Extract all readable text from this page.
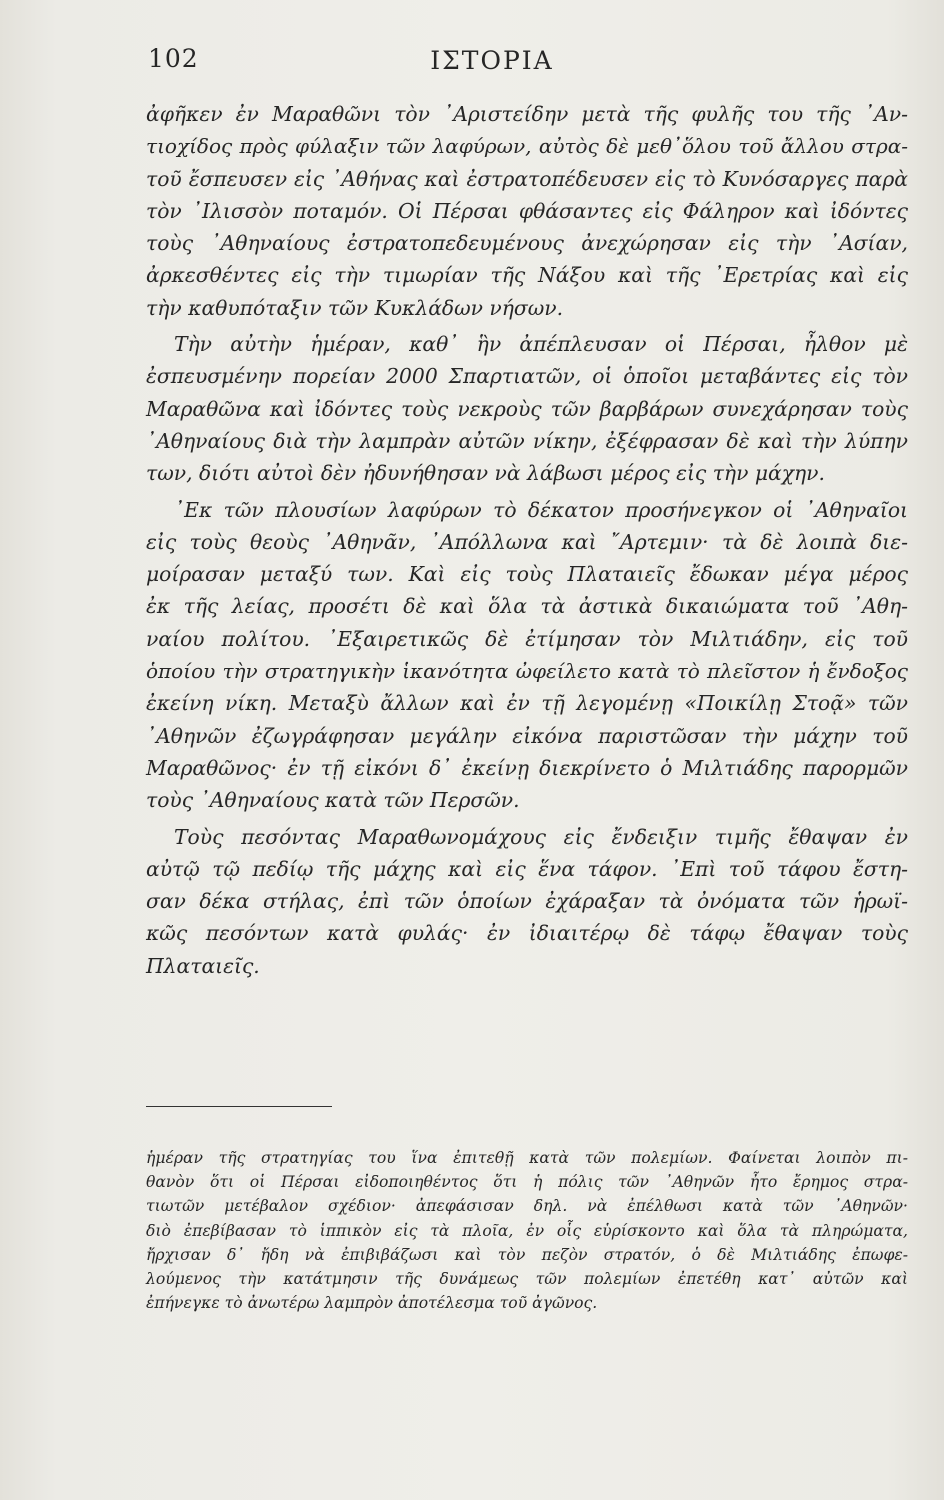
102	ΙΣΤΟΡΙΑ
ἀφῆκεν ἐν Μαραθῶνι τὸν ᾿Αριστείδην μετὰ τῆς φυλῆς του τῆς ᾿Αν-
τιοχίδος πρὸς φύλαξιν τῶν λαφύρων, αὐτὸς δὲ μεθ᾿ὅλου τοῦ ἄλλου στρα-
τοῦ ἔσπευσεν εἰς ᾿Αθήνας καὶ ἐστρατοπέδευσεν εἰς τὸ Κυνόσαργες παρὰ
τὸν ᾿Ιλισσὸν ποταμόν. Οἱ Πέρσαι φθάσαντες εἰς Φάληρον καὶ ἰδόντες
τοὺς ᾿Αθηναίους ἐστρατοπεδευμένους ἀνεχώρησαν εἰς τὴν ᾿Ασίαν,
ἀρκεσθέντες εἰς τὴν τιμωρίαν τῆς Νάξου καὶ τῆς ᾿Ερετρίας καὶ εἰς
τὴν καθυπόταξιν τῶν Κυκλάδων νήσων.
Τὴν αὐτὴν ἡμέραν, καθ᾿ ἣν ἀπέπλευσαν οἱ Πέρσαι, ἦλθον μὲ
ἐσπευσμένην πορείαν 2000 Σπαρτιατῶν, οἱ ὁποῖοι μεταβάντες εἰς τὸν
Μαραθῶνα καὶ ἰδόντες τοὺς νεκροὺς τῶν βαρβάρων συνεχάρησαν τοὺς
᾿Αθηναίους διὰ τὴν λαμπρὰν αὐτῶν νίκην, ἐξέφρασαν δὲ καὶ τὴν λύπην
των, διότι αὐτοὶ δὲν ἠδυνήθησαν νὰ λάβωσι μέρος εἰς τὴν μάχην.
᾿Εκ τῶν πλουσίων λαφύρων τὸ δέκατον προσήνεγκον οἱ ᾿Αθηναῖοι
εἰς τοὺς θεοὺς ᾿Αθηνᾶν, ᾿Απόλλωνα καὶ ῎Αρτεμιν· τὰ δὲ λοιπὰ διε-
μοίρασαν μεταξύ των. Καὶ εἰς τοὺς Πλαταιεῖς ἔδωκαν μέγα μέρος
ἐκ τῆς λείας, προσέτι δὲ καὶ ὅλα τὰ ἀστικὰ δικαιώματα τοῦ ᾿Αθη-
ναίου πολίτου. ᾿Εξαιρετικῶς δὲ ἐτίμησαν τὸν Μιλτιάδην, εἰς τοῦ
ὁποίου τὴν στρατηγικὴν ἱκανότητα ὠφείλετο κατὰ τὸ πλεῖστον ἡ ἔνδοξος
ἐκείνη νίκη. Μεταξὺ ἄλλων καὶ ἐν τῇ λεγομένῃ «Ποικίλῃ Στοᾷ» τῶν
᾿Αθηνῶν ἐζωγράφησαν μεγάλην εἰκόνα παριστῶσαν τὴν μάχην τοῦ
Μαραθῶνος· ἐν τῇ εἰκόνι δ᾿ ἐκείνῃ διεκρίνετο ὁ Μιλτιάδης παρορμῶν
τοὺς ᾿Αθηναίους κατὰ τῶν Περσῶν.
Τοὺς πεσόντας Μαραθωνομάχους εἰς ἔνδειξιν τιμῆς ἔθαψαν ἐν
αὐτῷ τῷ πεδίῳ τῆς μάχης καὶ εἰς ἕνα τάφον. ᾿Επὶ τοῦ τάφου ἔστη-
σαν δέκα στήλας, ἐπὶ τῶν ὁποίων ἐχάραξαν τὰ ὀνόματα τῶν ἡρωϊ-
κῶς πεσόντων κατὰ φυλάς· ἐν ἰδιαιτέρῳ δὲ τάφῳ ἔθαψαν τοὺς
Πλαταιεῖς.
ἡμέραν τῆς στρατηγίας του ἵνα ἐπιτεθῇ κατὰ τῶν πολεμίων. Φαίνεται λοιπὸν πι-
θανὸν ὅτι οἱ Πέρσαι εἰδοποιηθέντος ὅτι ἡ πόλις τῶν ᾿Αθηνῶν ἦτο ἔρημος στρα-
τιωτῶν μετέβαλον σχέδιον· ἀπεφάσισαν δηλ. νὰ ἐπέλθωσι κατὰ τῶν ᾿Αθηνῶν·
διὸ ἐπεβίβασαν τὸ ἱππικὸν εἰς τὰ πλοῖα, ἐν οἷς εὑρίσκοντο καὶ ὅλα τὰ πληρώματα,
ἤρχισαν δ᾿ ἤδη νὰ ἐπιβιβάζωσι καὶ τὸν πεζὸν στρατόν, ὁ δὲ Μιλτιάδης ἐπωφε-
λούμενος τὴν κατάτμησιν τῆς δυνάμεως τῶν πολεμίων ἐπετέθη κατ᾿ αὐτῶν καὶ
ἐπήνεγκε τὸ ἀνωτέρω λαμπρὸν ἀποτέλεσμα τοῦ ἀγῶνος.
